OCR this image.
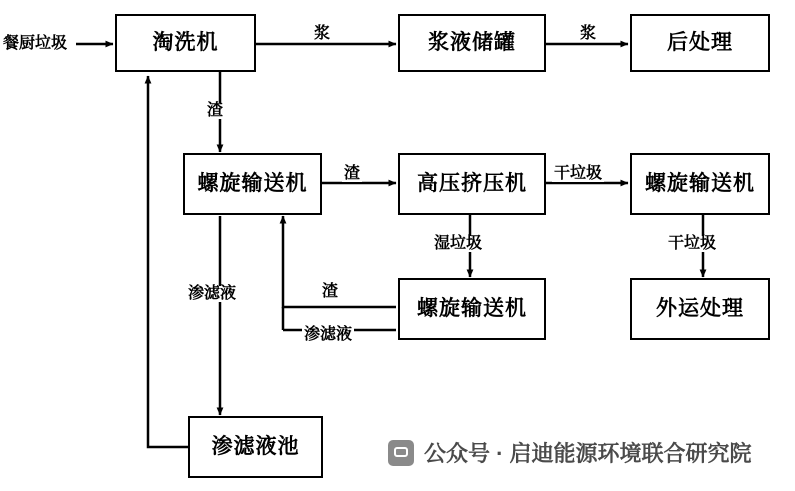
淘洗机	浆液储罐	后处理
螺旋输送机	高压挤压机	螺旋输送机
螺旋输送机	外运处理
渗滤液池
餐厨垃圾
浆	浆
渣
渣	干垃圾
湿垃圾	干垃圾
渣
渗滤液
渗滤液
公众号 · 启迪能源环境联合研究院
